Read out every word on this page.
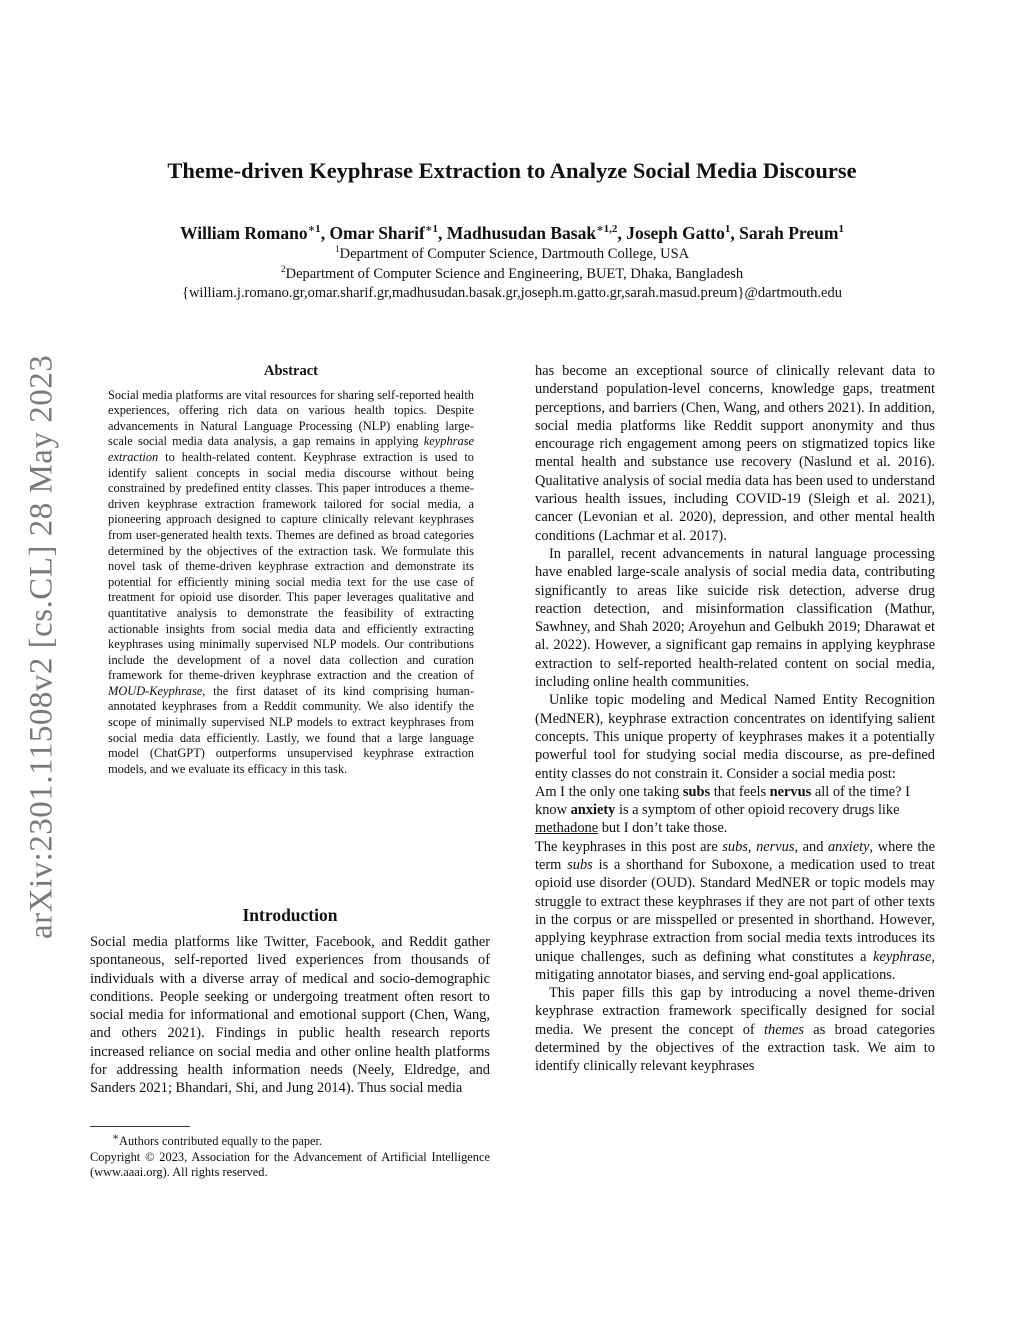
arXiv:2301.11508v2 [cs.CL] 28 May 2023
Theme-driven Keyphrase Extraction to Analyze Social Media Discourse
William Romano$^{∗1}$, Omar Sharif$^{∗1}$, Madhusudan Basak$^{∗1,2}$, Joseph Gatto$^1$, Sarah Preum$^1$
$^1$Department of Computer Science, Dartmouth College, USA
$^2$Department of Computer Science and Engineering, BUET, Dhaka, Bangladesh
{william.j.romano.gr,omar.sharif.gr,madhusudan.basak.gr,joseph.m.gatto.gr,sarah.masud.preum}@dartmouth.edu
Abstract

Social media platforms are vital resources for sharing self-reported health experiences, offering rich data on various health topics. Despite advancements in Natural Language Processing (NLP) enabling large-scale social media data analysis, a gap remains in applying keyphrase extraction to health-related content. Keyphrase extraction is used to identify salient concepts in social media discourse without being constrained by predefined entity classes. This paper introduces a theme-driven keyphrase extraction framework tailored for social media, a pioneering approach designed to capture clinically relevant keyphrases from user-generated health texts. Themes are defined as broad categories determined by the objectives of the extraction task. We formulate this novel task of theme-driven keyphrase extraction and demonstrate its potential for efficiently mining social media text for the use case of treatment for opioid use disorder. This paper leverages qualitative and quantitative analysis to demonstrate the feasibility of extracting actionable insights from social media data and efficiently extracting keyphrases using minimally supervised NLP models. Our contributions include the development of a novel data collection and curation framework for theme-driven keyphrase extraction and the creation of MOUD-Keyphrase, the first dataset of its kind comprising human-annotated keyphrases from a Reddit community. We also identify the scope of minimally supervised NLP models to extract keyphrases from social media data efficiently. Lastly, we found that a large language model (ChatGPT) outperforms unsupervised keyphrase extraction models, and we evaluate its efficacy in this task.

Introduction

Social media platforms like Twitter, Facebook, and Reddit gather spontaneous, self-reported lived experiences from thousands of individuals with a diverse array of medical and socio-demographic conditions. People seeking or undergoing treatment often resort to social media for informational and emotional support (Chen, Wang, and others 2021). Findings in public health research reports increased reliance on social media and other online health platforms for addressing health information needs (Neely, Eldredge, and Sanders 2021; Bhandari, Shi, and Jung 2014). Thus social media

∗Authors contributed equally to the paper.

Copyright © 2023, Association for the Advancement of Artificial Intelligence (www.aaai.org). All rights reserved.

has become an exceptional source of clinically relevant data to understand population-level concerns, knowledge gaps, treatment perceptions, and barriers (Chen, Wang, and others 2021). In addition, social media platforms like Reddit support anonymity and thus encourage rich engagement among peers on stigmatized topics like mental health and substance use recovery (Naslund et al. 2016). Qualitative analysis of social media data has been used to understand various health issues, including COVID-19 (Sleigh et al. 2021), cancer (Levonian et al. 2020), depression, and other mental health conditions (Lachmar et al. 2017).

In parallel, recent advancements in natural language processing have enabled large-scale analysis of social media data, contributing significantly to areas like suicide risk detection, adverse drug reaction detection, and misinformation classification (Mathur, Sawhney, and Shah 2020; Aroyehun and Gelbukh 2019; Dharawat et al. 2022). However, a significant gap remains in applying keyphrase extraction to self-reported health-related content on social media, including online health communities.

Unlike topic modeling and Medical Named Entity Recognition (MedNER), keyphrase extraction concentrates on identifying salient concepts. This unique property of keyphrases makes it a potentially powerful tool for studying social media discourse, as pre-defined entity classes do not constrain it. Consider a social media post:

Am I the only one taking subs that feels nervus all of the time? I know anxiety is a symptom of other opioid recovery drugs like methadone but I don’t take those.

The keyphrases in this post are subs, nervus, and anxiety, where the term subs is a shorthand for Suboxone, a medication used to treat opioid use disorder (OUD). Standard MedNER or topic models may struggle to extract these keyphrases if they are not part of other texts in the corpus or are misspelled or presented in shorthand. However, applying keyphrase extraction from social media texts introduces its unique challenges, such as defining what constitutes a keyphrase, mitigating annotator biases, and serving end-goal applications.

This paper fills this gap by introducing a novel theme-driven keyphrase extraction framework specifically designed for social media. We present the concept of themes as broad categories determined by the objectives of the extraction task. We aim to identify clinically relevant keyphrases
